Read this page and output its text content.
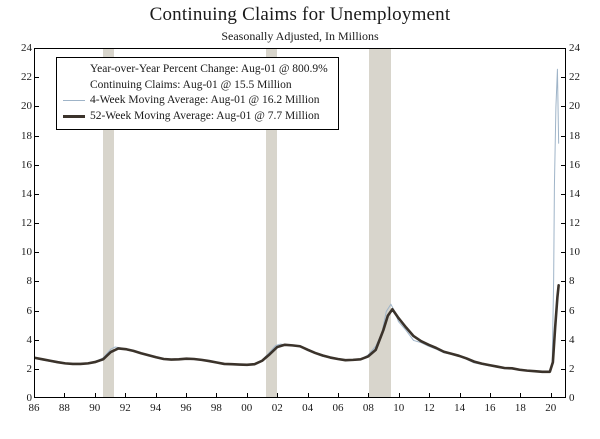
Continuing Claims for Unemployment
Seasonally Adjusted, In Millions
0
2
4
6
8
10
12
14
16
18
20
22
24
0
2
4
6
8
10
12
14
16
18
20
22
24
86 88 90 92 94 96 98 00 02 04 06 08 10 12 14 16 18 20
Year-over-Year Percent Change: Aug-01 @ 800.9%
Continuing Claims: Aug-01 @ 15.5 Million
4-Week Moving Average: Aug-01 @ 16.2 Million
52-Week Moving Average: Aug-01 @ 7.7 Million
